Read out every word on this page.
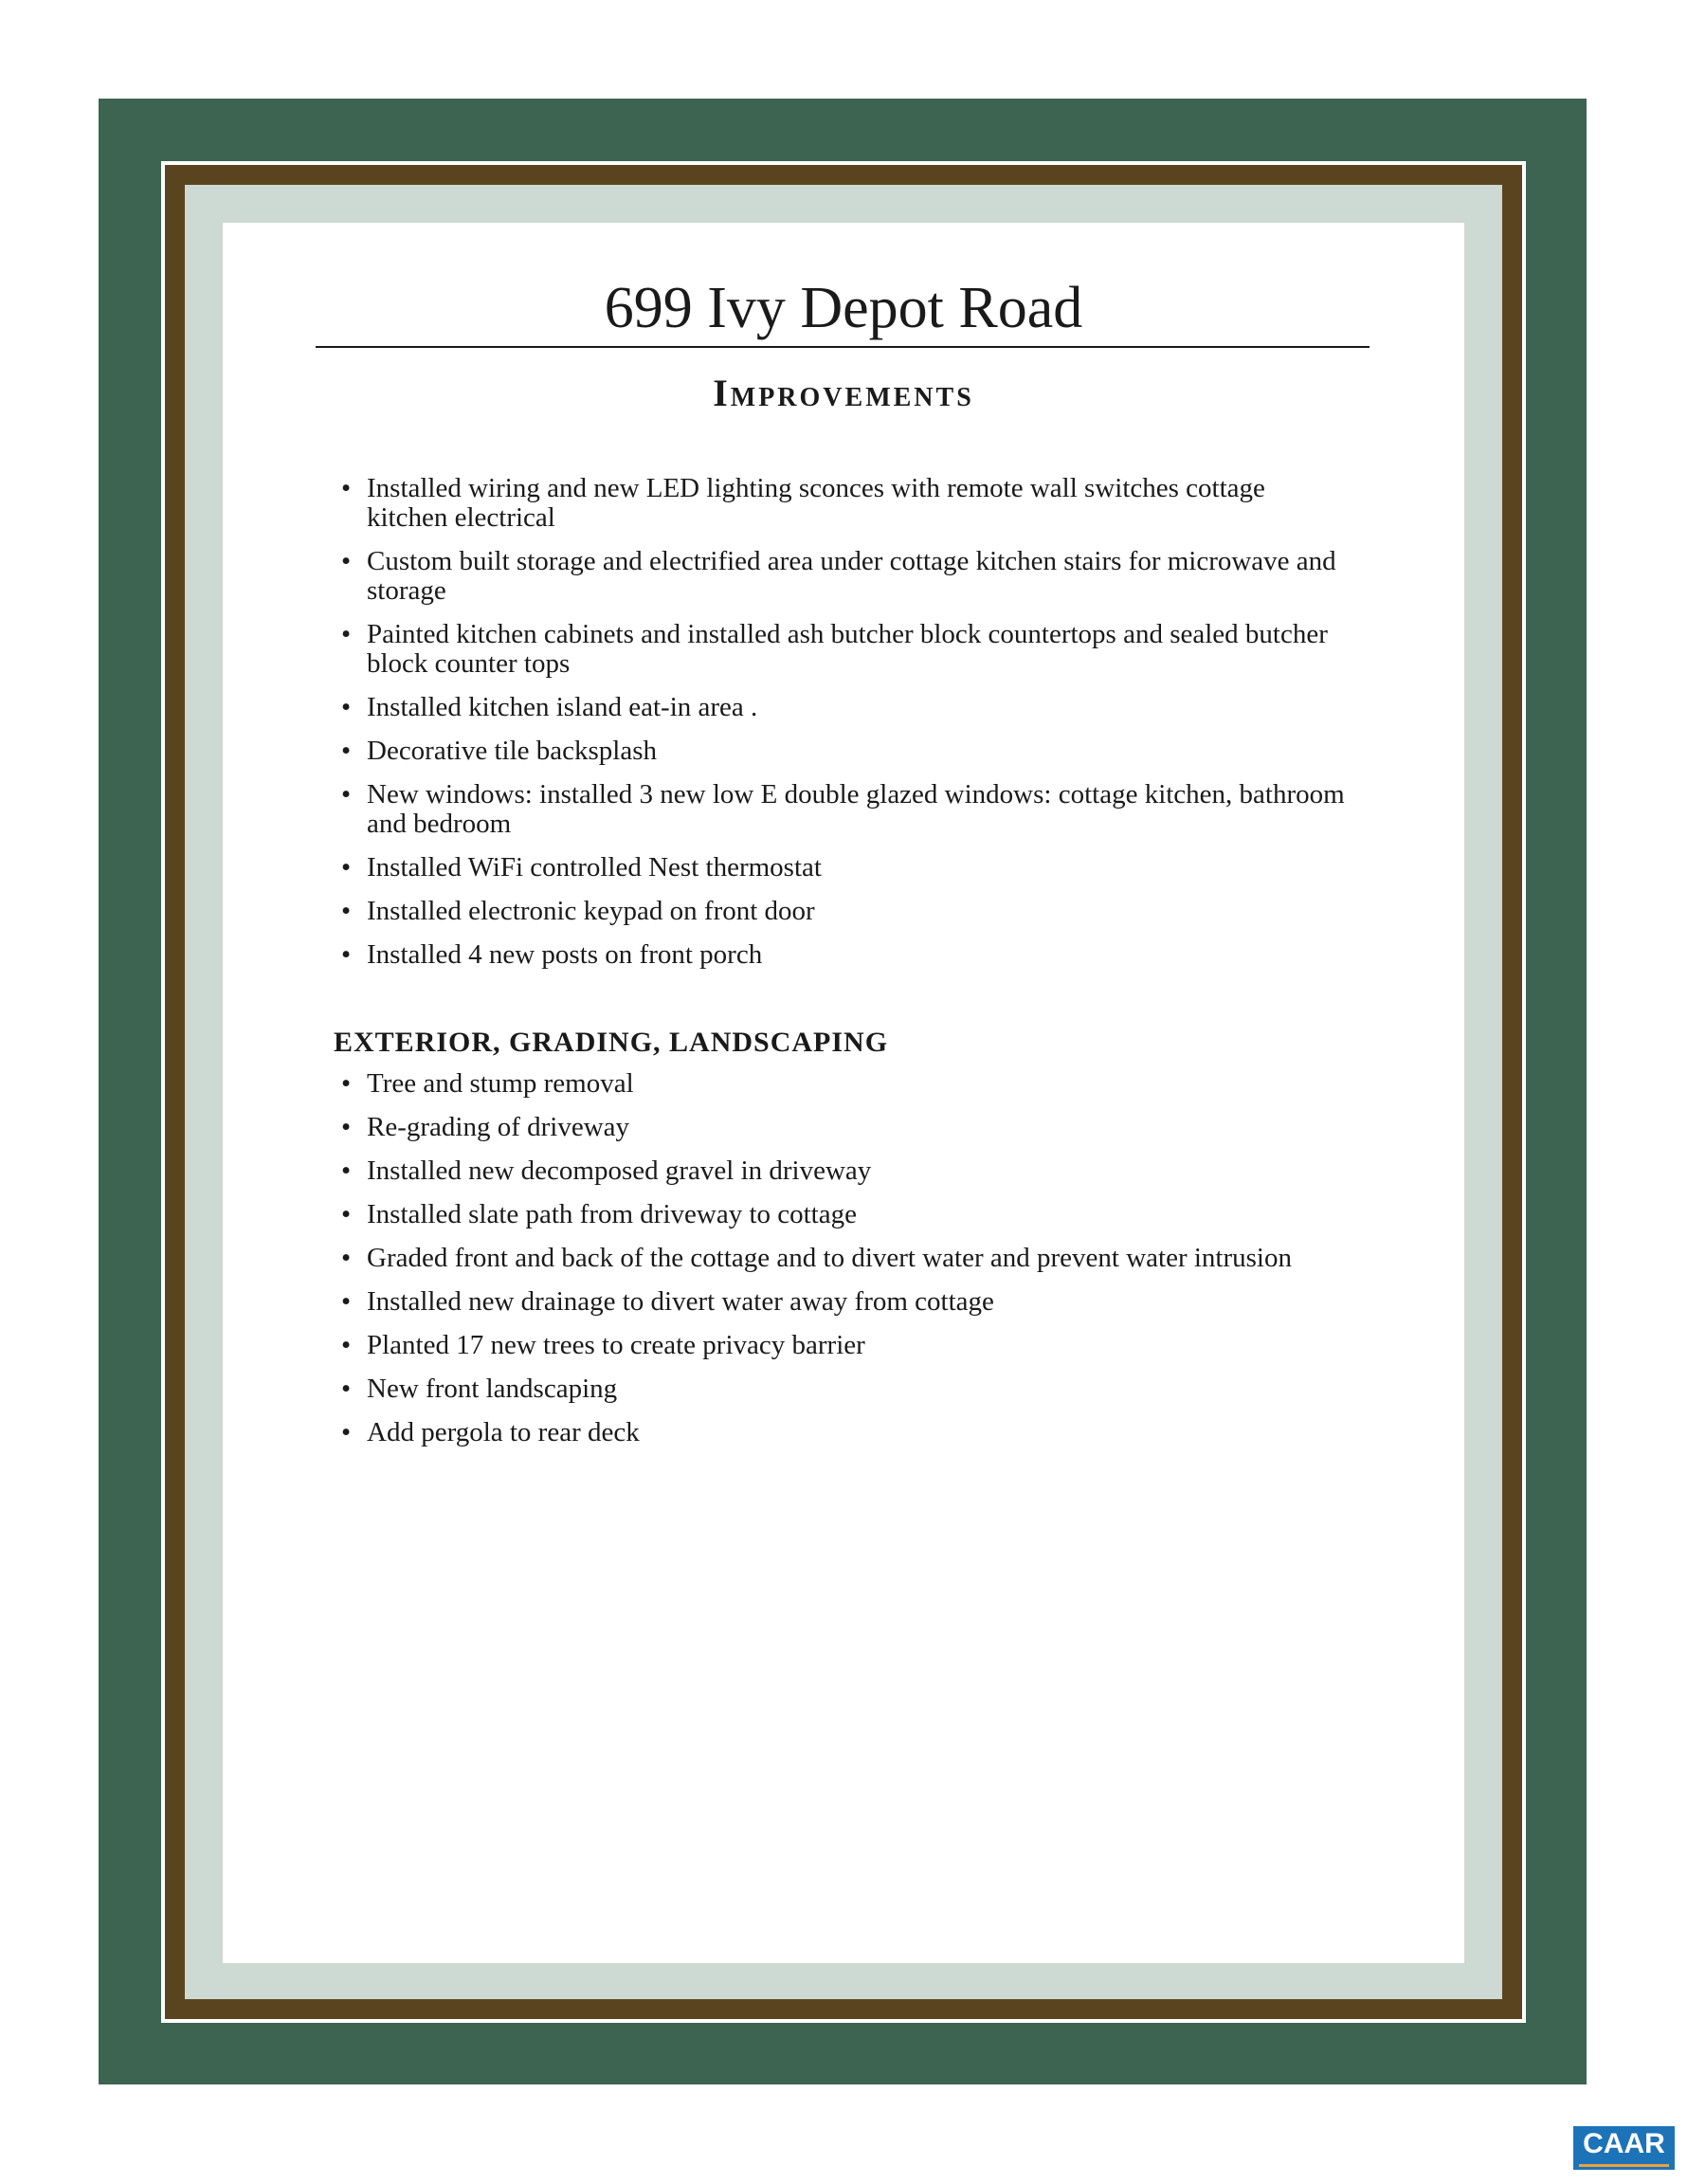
699 Ivy Depot Road
Improvements
• Installed wiring and new LED lighting sconces with remote wall switches cottage kitchen electrical
• Custom built storage and electrified area under cottage kitchen stairs for microwave and storage
• Painted kitchen cabinets and installed ash butcher block countertops and sealed butcher block counter tops
• Installed kitchen island eat-in area .
• Decorative tile backsplash
• New windows: installed 3 new low E double glazed windows: cottage kitchen, bathroom and bedroom
• Installed WiFi controlled Nest thermostat
• Installed electronic keypad on front door
• Installed 4 new posts on front porch
EXTERIOR, GRADING, LANDSCAPING
• Tree and stump removal
• Re-grading of driveway
• Installed new decomposed gravel in driveway
• Installed slate path from driveway to cottage
• Graded front and back of the cottage and to divert water and prevent water intrusion
• Installed new drainage to divert water away from cottage
• Planted 17 new trees to create privacy barrier
• New front landscaping
• Add pergola to rear deck
CAAR
